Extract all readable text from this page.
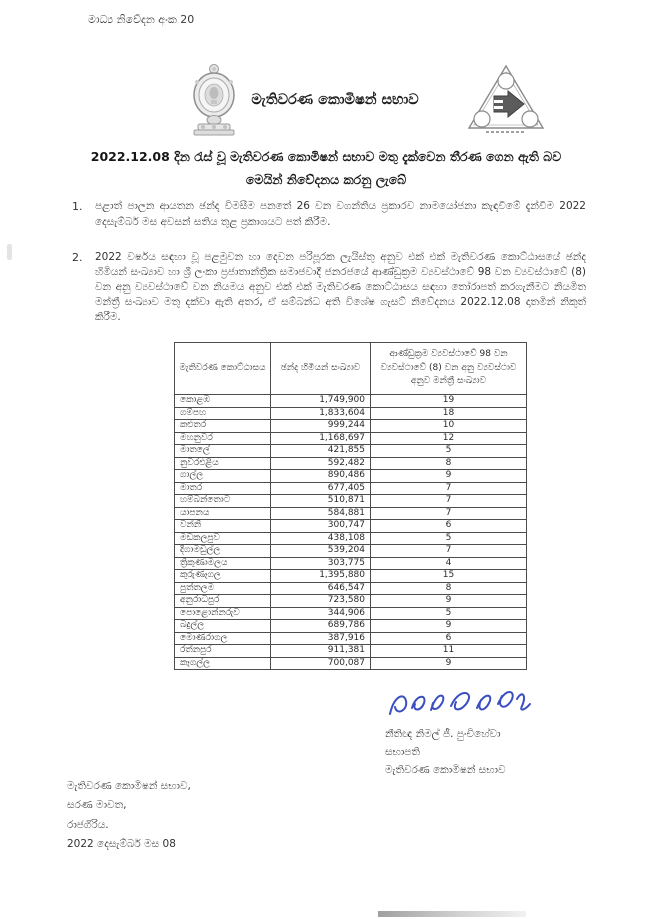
මාධ්‍ය නිවේදන අංක 20
මැතිවරණ කොමිෂන් සභාව
2022.12.08 දින රැස් වූ මැතිවරණ කොමිෂන් සභාව මතු දැක්වෙන තීරණ ගෙන ඇති බව
මෙයින් නිවේදනය කරනු ලැබේ
1.	පළාත් පාලන ආයතන ඡන්ද විමසීම පනතේ 26 වන වගන්තිය ප්‍රකාරව නාමයෝජනා කැඳවීමේ දැන්වීම 2022 දෙසැම්බර් මස අවසන් සතිය තුළ ප්‍රකාශයට පත් කිරීම.
2.	2022 වර්ෂය සඳහා වූ පළමුවන හා දෙවන පරිපූරක ලැයිස්තු අනුව එක් එක් මැතිවරණ කොට්ඨාසයේ ඡන්ද හිමියන් සංඛ්‍යාව හා ශ්‍රී ලංකා ප්‍රජාතාන්ත්‍රික සමාජවාදී ජනරජයේ ආණ්ඩුක්‍රම ව්‍යවස්ථාවේ 98 වන ව්‍යවස්ථාවේ (8) වන අනු ව්‍යවස්ථාවේ වන නියමය අනුව එක් එක් මැතිවරණ කොට්ඨාසය සඳහා තෝරාපත් කරගැනීමට නියමිත මන්ත්‍රී සංඛ්‍යාව මතු දක්වා ඇති අතර, ඒ සම්බන්ධ අති විශේෂ ගැසට් නිවේදනය 2022.12.08 දාතමින් නිකුත් කිරීම.
මැතිවරණ කොට්ඨාසය	ඡන්ද හිමියන් සංඛ්‍යාව	ආණ්ඩුක්‍රම ව්‍යවස්ථාවේ 98 වන ව්‍යවස්ථාවේ (8) වන අනු ව්‍යවස්ථාව අනුව මන්ත්‍රී සංඛ්‍යාව
කොළඹ	1,749,900	19
ගම්පහ	1,833,604	18
කළුතර	999,244	10
මහනුවර	1,168,697	12
මාතලේ	421,855	5
නුවරඑළිය	592,482	8
ගාල්ල	890,486	9
මාතර	677,405	7
හම්බන්තොට	510,871	7
යාපනය	584,881	7
වන්නි	300,747	6
මඩකලපුව	438,108	5
දිගාමඩුල්ල	539,204	7
ත්‍රිකුණාමලය	303,775	4
කුරුණෑගල	1,395,880	15
පුත්තලම	646,547	8
අනුරාධපුර	723,580	9
පොළොන්නරුව	344,906	5
බදුල්ල	689,786	9
මොණරාගල	387,916	6
රත්නපුර	911,381	11
කෑගල්ල	700,087	9
නීතිඥ නිමල් ජී. පුංචිහේවා
සභාපති
මැතිවරණ කොමිෂන් සභාව
මැතිවරණ කොමිෂන් සභාව,
සරණ මාවත,
රාජගිරිය.
2022 දෙසැම්බර් මස 08
